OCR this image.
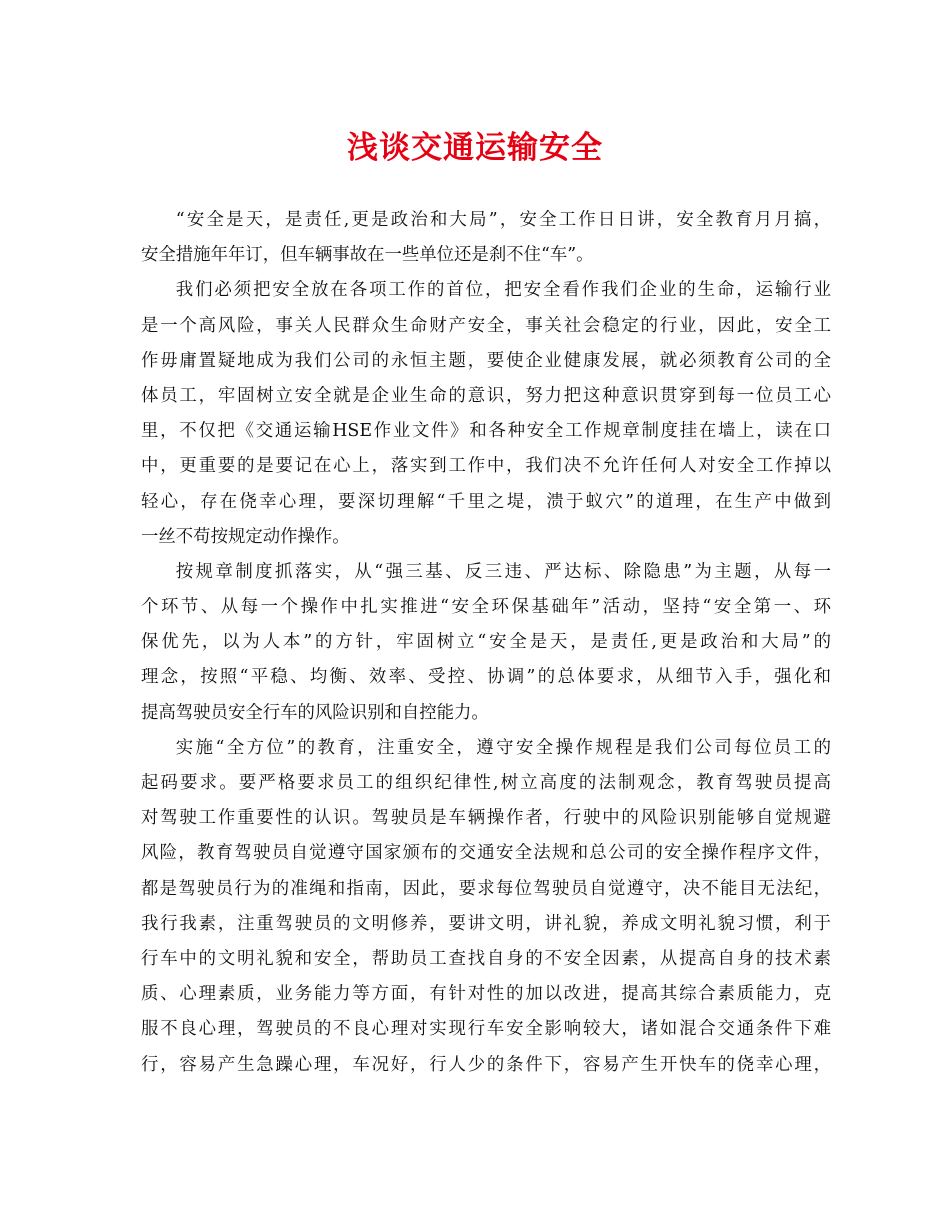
浅谈交通运输安全
“安全是天，是责任,更是政治和大局”，安全工作日日讲，安全教育月月搞，
安全措施年年订，但车辆事故在一些单位还是刹不住“车”。
我们必须把安全放在各项工作的首位，把安全看作我们企业的生命，运输行业
是一个高风险，事关人民群众生命财产安全，事关社会稳定的行业，因此，安全工
作毋庸置疑地成为我们公司的永恒主题，要使企业健康发展，就必须教育公司的全
体员工，牢固树立安全就是企业生命的意识，努力把这种意识贯穿到每一位员工心
里，不仅把《交通运输HSE作业文件》和各种安全工作规章制度挂在墙上，读在口
中，更重要的是要记在心上，落实到工作中，我们决不允许任何人对安全工作掉以
轻心，存在侥幸心理，要深切理解“千里之堤，溃于蚁穴”的道理，在生产中做到
一丝不苟按规定动作操作。
按规章制度抓落实，从“强三基、反三违、严达标、除隐患”为主题，从每一
个环节、从每一个操作中扎实推进“安全环保基础年”活动，坚持“安全第一、环
保优先，以为人本”的方针，牢固树立“安全是天，是责任,更是政治和大局”的
理念，按照“平稳、均衡、效率、受控、协调”的总体要求，从细节入手，强化和
提高驾驶员安全行车的风险识别和自控能力。
实施“全方位”的教育，注重安全，遵守安全操作规程是我们公司每位员工的
起码要求。要严格要求员工的组织纪律性,树立高度的法制观念，教育驾驶员提高
对驾驶工作重要性的认识。驾驶员是车辆操作者，行驶中的风险识别能够自觉规避
风险，教育驾驶员自觉遵守国家颁布的交通安全法规和总公司的安全操作程序文件，
都是驾驶员行为的准绳和指南，因此，要求每位驾驶员自觉遵守，决不能目无法纪，
我行我素，注重驾驶员的文明修养，要讲文明，讲礼貌，养成文明礼貌习惯，利于
行车中的文明礼貌和安全，帮助员工查找自身的不安全因素，从提高自身的技术素
质、心理素质，业务能力等方面，有针对性的加以改进，提高其综合素质能力，克
服不良心理，驾驶员的不良心理对实现行车安全影响较大，诸如混合交通条件下难
行，容易产生急躁心理，车况好，行人少的条件下，容易产生开快车的侥幸心理，
